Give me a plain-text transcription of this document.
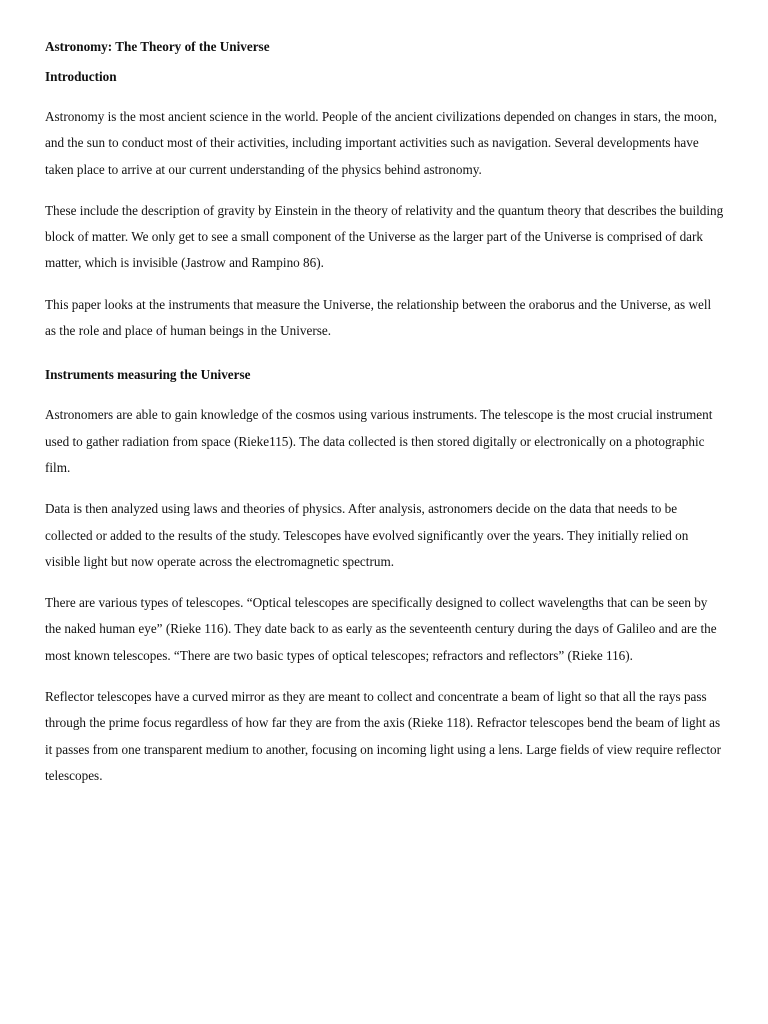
Astronomy: The Theory of the Universe

Introduction

Astronomy is the most ancient science in the world. People of the ancient civilizations depended on changes in stars, the moon, and the sun to conduct most of their activities, including important activities such as navigation. Several developments have taken place to arrive at our current understanding of the physics behind astronomy.

These include the description of gravity by Einstein in the theory of relativity and the quantum theory that describes the building block of matter. We only get to see a small component of the Universe as the larger part of the Universe is comprised of dark matter, which is invisible (Jastrow and Rampino 86).

This paper looks at the instruments that measure the Universe, the relationship between the oraborus and the Universe, as well as the role and place of human beings in the Universe.

Instruments measuring the Universe

Astronomers are able to gain knowledge of the cosmos using various instruments. The telescope is the most crucial instrument used to gather radiation from space (Rieke115). The data collected is then stored digitally or electronically on a photographic film.

Data is then analyzed using laws and theories of physics. After analysis, astronomers decide on the data that needs to be collected or added to the results of the study. Telescopes have evolved significantly over the years. They initially relied on visible light but now operate across the electromagnetic spectrum.

There are various types of telescopes. “Optical telescopes are specifically designed to collect wavelengths that can be seen by the naked human eye” (Rieke 116). They date back to as early as the seventeenth century during the days of Galileo and are the most known telescopes. “There are two basic types of optical telescopes; refractors and reflectors” (Rieke 116).

Reflector telescopes have a curved mirror as they are meant to collect and concentrate a beam of light so that all the rays pass through the prime focus regardless of how far they are from the axis (Rieke 118). Refractor telescopes bend the beam of light as it passes from one transparent medium to another, focusing on incoming light using a lens. Large fields of view require reflector telescopes.
